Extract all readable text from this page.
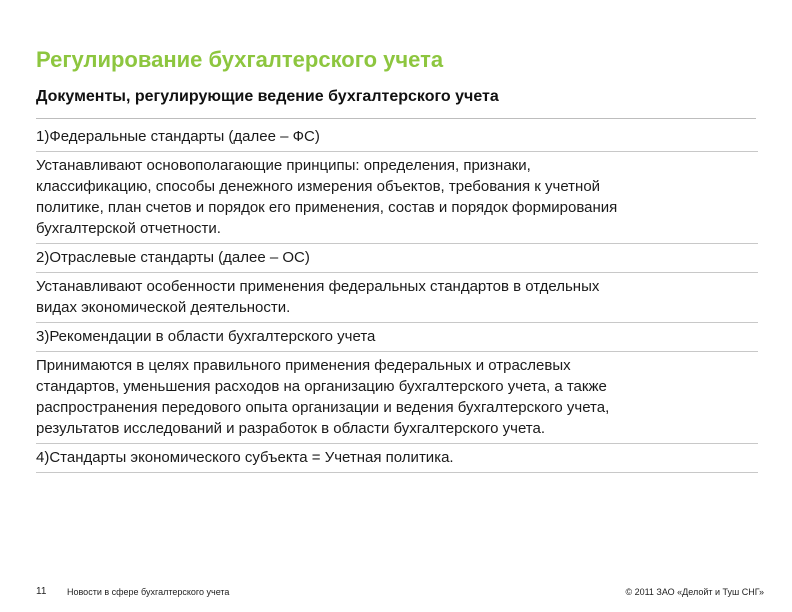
Регулирование бухгалтерского учета
Документы, регулирующие ведение бухгалтерского учета
1)Федеральные стандарты (далее – ФС)
Устанавливают основополагающие принципы: определения, признаки,
классификацию, способы денежного измерения объектов, требования к учетной
политике, план счетов и порядок его применения, состав и порядок формирования
бухгалтерской отчетности.
2)Отраслевые стандарты (далее – ОС)
Устанавливают особенности применения федеральных стандартов в отдельных
видах экономической деятельности.
3)Рекомендации в области бухгалтерского учета
Принимаются в целях правильного применения федеральных и отраслевых
стандартов, уменьшения расходов на организацию бухгалтерского учета, а также
распространения передового опыта организации и ведения бухгалтерского учета,
результатов исследований и разработок в области бухгалтерского учета.
4)Стандарты экономического субъекта = Учетная политика.
11 Новости в сфере бухгалтерского учета	© 2011 ЗАО «Делойт и Туш СНГ»
